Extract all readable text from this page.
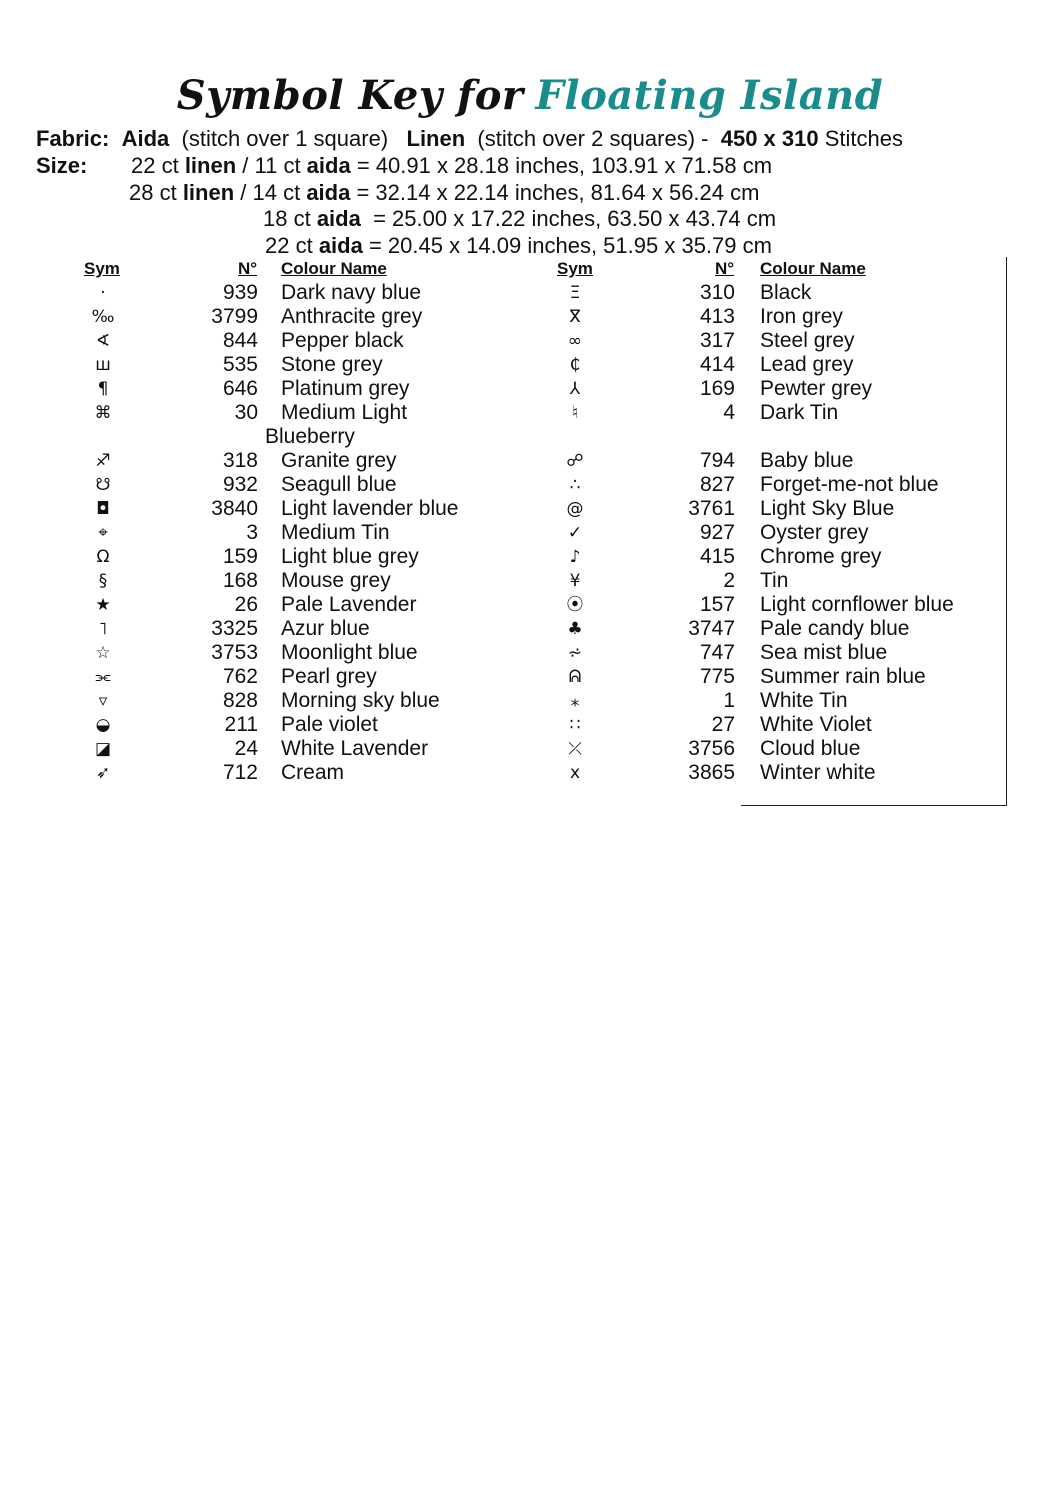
Symbol Key for Floating Island
Fabric: Aida (stitch over 1 square) Linen (stitch over 2 squares) - 450 x 310 Stitches
Size: 22 ct linen / 11 ct aida = 40.91 x 28.18 inches, 103.91 x 71.58 cm
28 ct linen / 14 ct aida = 32.14 x 22.14 inches, 81.64 x 56.24 cm
18 ct aida  = 25.00 x 17.22 inches, 63.50 x 43.74 cm
22 ct aida = 20.45 x 14.09 inches, 51.95 x 35.79 cm
Sym	N° Colour Name	Sym	N° Colour Name
·	939 Dark navy blue
‰	3799 Anthracite grey
∢	844 Pepper black
ш	535 Stone grey
¶	646 Platinum grey
⌘	30 Medium Light
Blueberry
♐	318 Granite grey
☋	932 Seagull blue
◘	3840 Light lavender blue
⌖	3 Medium Tin
Ω	159 Light blue grey
§	168 Mouse grey
★	26 Pale Lavender
˥	3325 Azur blue
☆	3753 Moonlight blue
⫘	762 Pearl grey
▿	828 Morning sky blue
◒	211 Pale violet
◪	24 White Lavender
➶	712 Cream
Ξ	310 Black
ⴳ	413 Iron grey
∞	317 Steel grey
₵	414 Lead grey
⅄	169 Pewter grey
♮	4 Dark Tin
☍	794 Baby blue
∴	827 Forget-me-not blue
@	3761 Light Sky Blue
✓	927 Oyster grey
♪	415 Chrome grey
¥	2 Tin
⦿	157 Light cornflower blue
♣	3747 Pale candy blue
⩫	747 Sea mist blue
ᕱ	775 Summer rain blue
⁎	1 White Tin
∷	27 White Violet
⤫	3756 Cloud blue
ⅹ	3865 Winter white
